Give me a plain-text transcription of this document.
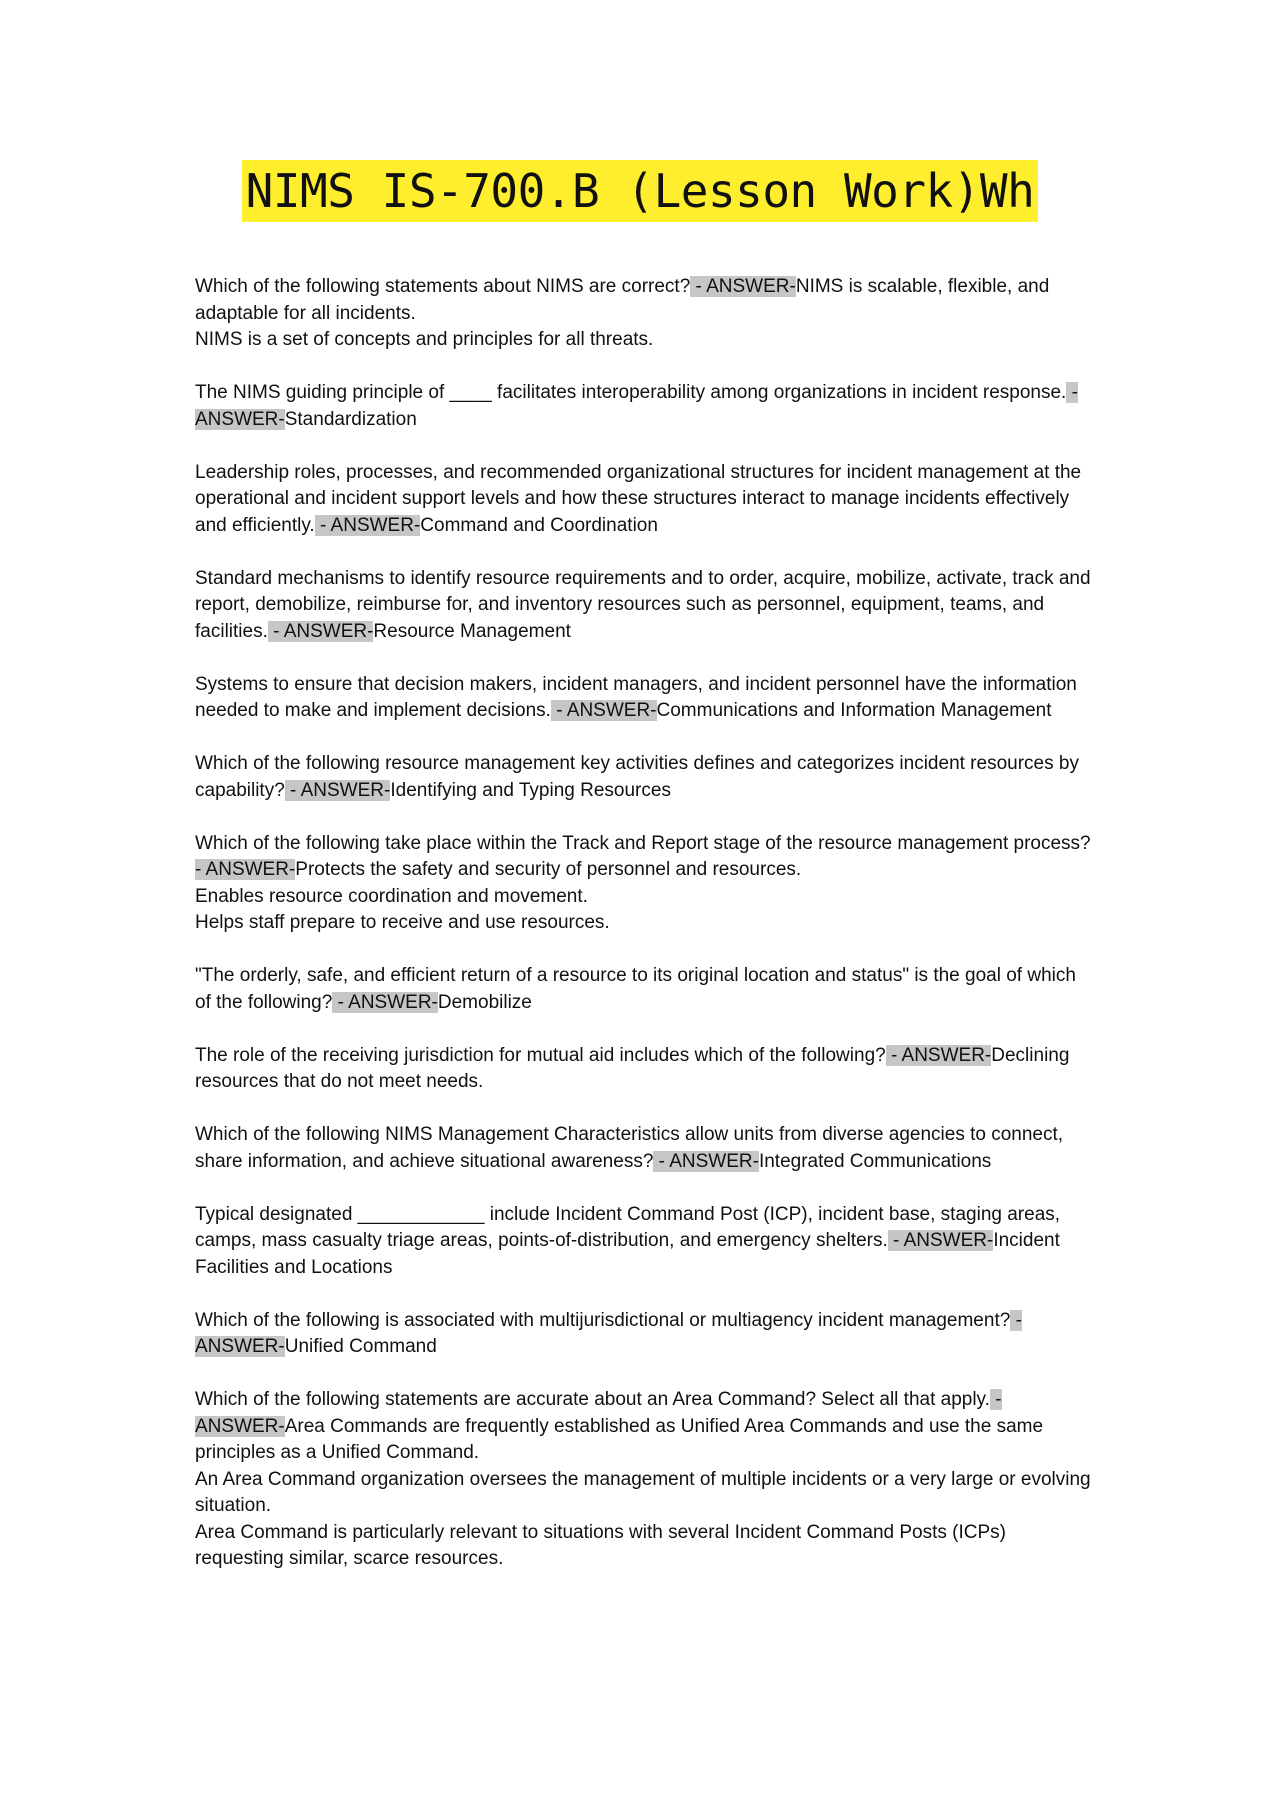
NIMS IS-700.B (Lesson Work)Wh
Which of the following statements about NIMS are correct? - ANSWER-NIMS is scalable, flexible, and adaptable for all incidents.
NIMS is a set of concepts and principles for all threats.
The NIMS guiding principle of ____ facilitates interoperability among organizations in incident response. - ANSWER-Standardization
Leadership roles, processes, and recommended organizational structures for incident management at the operational and incident support levels and how these structures interact to manage incidents effectively and efficiently. - ANSWER-Command and Coordination
Standard mechanisms to identify resource requirements and to order, acquire, mobilize, activate, track and report, demobilize, reimburse for, and inventory resources such as personnel, equipment, teams, and facilities. - ANSWER-Resource Management
Systems to ensure that decision makers, incident managers, and incident personnel have the information needed to make and implement decisions. - ANSWER-Communications and Information Management
Which of the following resource management key activities defines and categorizes incident resources by capability? - ANSWER-Identifying and Typing Resources
Which of the following take place within the Track and Report stage of the resource management process? - ANSWER-Protects the safety and security of personnel and resources.
Enables resource coordination and movement.
Helps staff prepare to receive and use resources.
"The orderly, safe, and efficient return of a resource to its original location and status" is the goal of which of the following? - ANSWER-Demobilize
The role of the receiving jurisdiction for mutual aid includes which of the following? - ANSWER-Declining resources that do not meet needs.
Which of the following NIMS Management Characteristics allow units from diverse agencies to connect, share information, and achieve situational awareness? - ANSWER-Integrated Communications
Typical designated ____________ include Incident Command Post (ICP), incident base, staging areas, camps, mass casualty triage areas, points-of-distribution, and emergency shelters. - ANSWER-Incident Facilities and Locations
Which of the following is associated with multijurisdictional or multiagency incident management? - ANSWER-Unified Command
Which of the following statements are accurate about an Area Command? Select all that apply. - ANSWER-Area Commands are frequently established as Unified Area Commands and use the same principles as a Unified Command.
An Area Command organization oversees the management of multiple incidents or a very large or evolving situation.
Area Command is particularly relevant to situations with several Incident Command Posts (ICPs) requesting similar, scarce resources.
